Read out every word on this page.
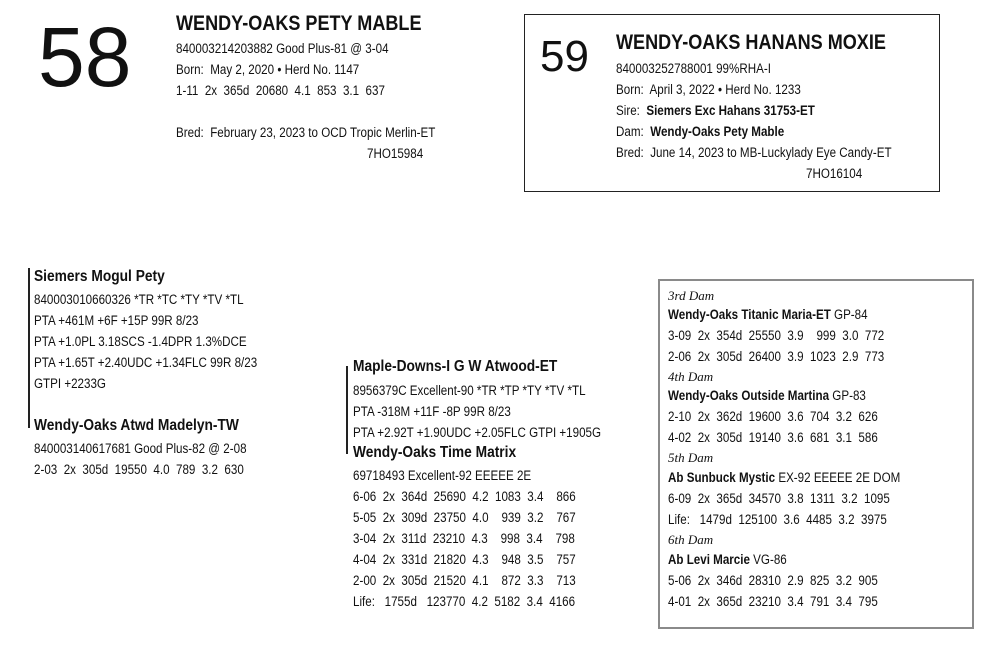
58 WENDY-OAKS PETY MABLE
840003214203882 Good Plus-81 @ 3-04
Born:  May 2, 2020 • Herd No. 1147
1-11  2x  365d  20680  4.1  853  3.1  637
Bred:  February 23, 2023 to OCD Tropic Merlin-ET
7HO15984
59 WENDY-OAKS HANANS MOXIE
840003252788001 99%RHA-I
Born:  April 3, 2022 • Herd No. 1233
Sire: Siemers Exc Hahans 31753-ET
Dam: Wendy-Oaks Pety Mable
Bred:  June 14, 2023 to MB-Luckylady Eye Candy-ET
7HO16104
Siemers Mogul Pety
840003010660326 *TR *TC *TY *TV *TL
PTA +461M +6F +15P 99R 8/23
PTA +1.0PL 3.18SCS -1.4DPR 1.3%DCE
PTA +1.65T +2.40UDC +1.34FLC 99R 8/23
GTPI +2233G
Wendy-Oaks Atwd Madelyn-TW
840003140617681 Good Plus-82 @ 2-08
2-03  2x  305d  19550  4.0  789  3.2  630
Maple-Downs-I G W Atwood-ET
8956379C Excellent-90 *TR *TP *TY *TV *TL
PTA -318M +11F -8P 99R 8/23
PTA +2.92T +1.90UDC +2.05FLC GTPI +1905G
Wendy-Oaks Time Matrix
69718493 Excellent-92 EEEEE 2E
6-06  2x  364d  25690  4.2  1083  3.4    866
5-05  2x  309d  23750  4.0    939  3.2    767
3-04  2x  311d  23210  4.3    998  3.4    798
4-04  2x  331d  21820  4.3    948  3.5    757
2-00  2x  305d  21520  4.1    872  3.3    713
Life:   1755d   123770  4.2  5182  3.4  4166
3rd Dam
Wendy-Oaks Titanic Maria-ET GP-84
3-09  2x  354d  25550  3.9    999  3.0  772
2-06  2x  305d  26400  3.9  1023  2.9  773
4th Dam
Wendy-Oaks Outside Martina GP-83
2-10  2x  362d  19600  3.6  704  3.2  626
4-02  2x  305d  19140  3.6  681  3.1  586
5th Dam
Ab Sunbuck Mystic EX-92 EEEEE 2E DOM
6-09  2x  365d  34570  3.8  1311  3.2  1095
Life:   1479d  125100  3.6  4485  3.2  3975
6th Dam
Ab Levi Marcie VG-86
5-06  2x  346d  28310  2.9  825  3.2  905
4-01  2x  365d  23210  3.4  791  3.4  795
